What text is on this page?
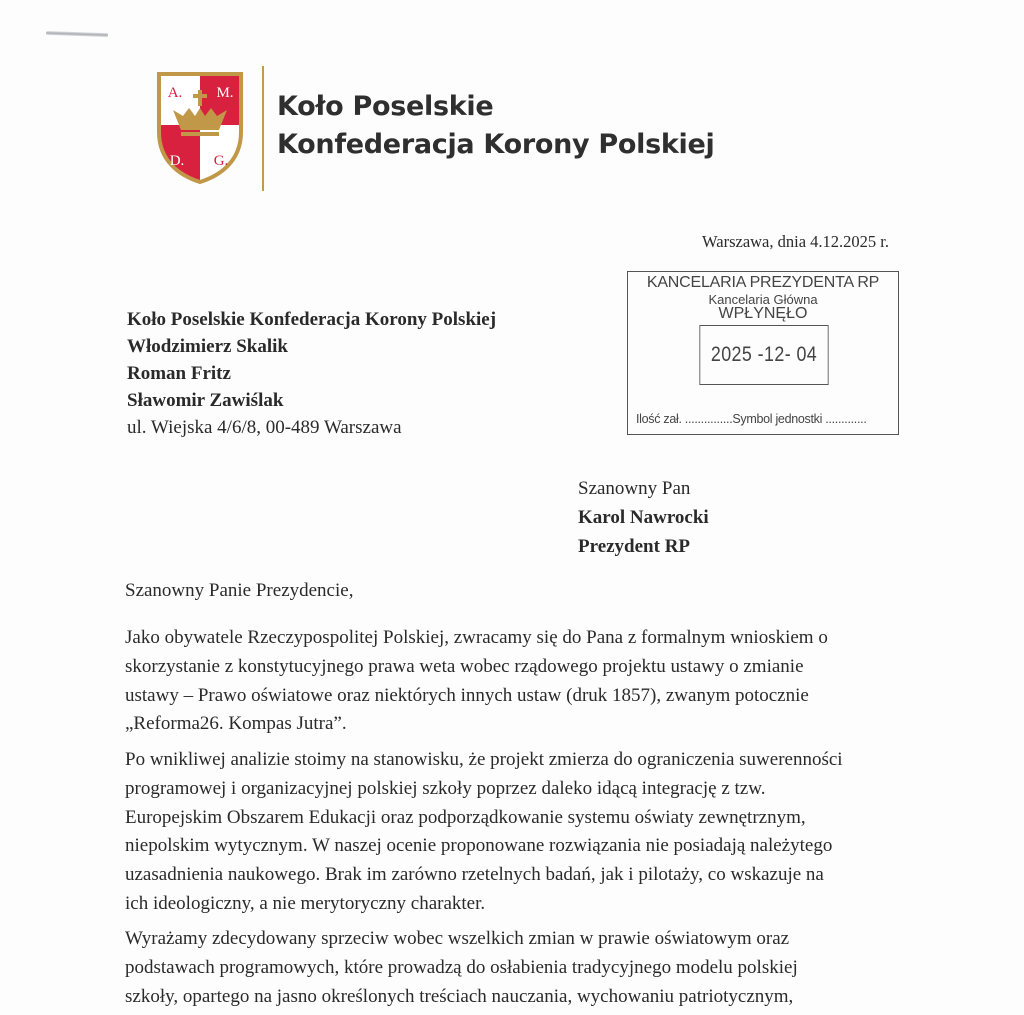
A. M.
D. G.
Koło Poselskie
Konfederacja Korony Polskiej
Warszawa, dnia 4.12.2025 r.
KANCELARIA PREZYDENTA RP
Kancelaria Główna
WPŁYNĘŁO
2025 -12- 04
Ilość zał. ...............Symbol jednostki .............
Koło Poselskie Konfederacja Korony Polskiej
Włodzimierz Skalik
Roman Fritz
Sławomir Zawiślak
ul. Wiejska 4/6/8, 00-489 Warszawa
Szanowny Pan
Karol Nawrocki
Prezydent RP
Szanowny Panie Prezydencie,
Jako obywatele Rzeczypospolitej Polskiej, zwracamy się do Pana z formalnym wnioskiem o
skorzystanie z konstytucyjnego prawa weta wobec rządowego projektu ustawy o zmianie
ustawy – Prawo oświatowe oraz niektórych innych ustaw (druk 1857), zwanym potocznie
„Reforma26. Kompas Jutra”.
Po wnikliwej analizie stoimy na stanowisku, że projekt zmierza do ograniczenia suwerenności
programowej i organizacyjnej polskiej szkoły poprzez daleko idącą integrację z tzw.
Europejskim Obszarem Edukacji oraz podporządkowanie systemu oświaty zewnętrznym,
niepolskim wytycznym. W naszej ocenie proponowane rozwiązania nie posiadają należytego
uzasadnienia naukowego. Brak im zarówno rzetelnych badań, jak i pilotaży, co wskazuje na
ich ideologiczny, a nie merytoryczny charakter.
Wyrażamy zdecydowany sprzeciw wobec wszelkich zmian w prawie oświatowym oraz
podstawach programowych, które prowadzą do osłabienia tradycyjnego modelu polskiej
szkoły, opartego na jasno określonych treściach nauczania, wychowaniu patriotycznym,
